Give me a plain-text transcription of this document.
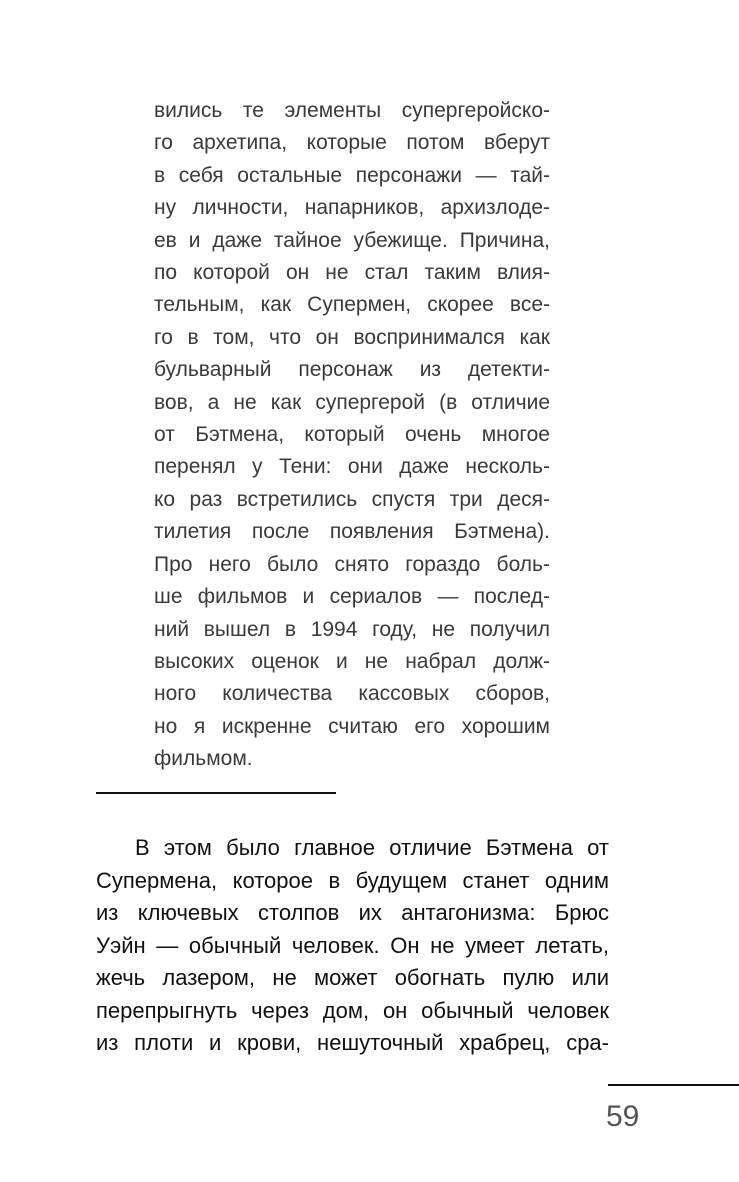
вились те элементы супергеройско-
го архетипа, которые потом вберут
в себя остальные персонажи — тай-
ну личности, напарников, архизлоде-
ев и даже тайное убежище. Причина,
по которой он не стал таким влия-
тельным, как Супермен, скорее все-
го в том, что он воспринимался как
бульварный персонаж из детекти-
вов, а не как супергерой (в отличие
от Бэтмена, который очень многое
перенял у Тени: они даже несколь-
ко раз встретились спустя три деся-
тилетия после появления Бэтмена).
Про него было снято гораздо боль-
ше фильмов и сериалов — послед-
ний вышел в 1994 году, не получил
высоких оценок и не набрал долж-
ного количества кассовых сборов,
но я искренне считаю его хорошим
фильмом.
В этом было главное отличие Бэтмена от
Супермена, которое в будущем станет одним
из ключевых столпов их антагонизма: Брюс
Уэйн — обычный человек. Он не умеет летать,
жечь лазером, не может обогнать пулю или
перепрыгнуть через дом, он обычный человек
из плоти и крови, нешуточный храбрец, сра-
59
